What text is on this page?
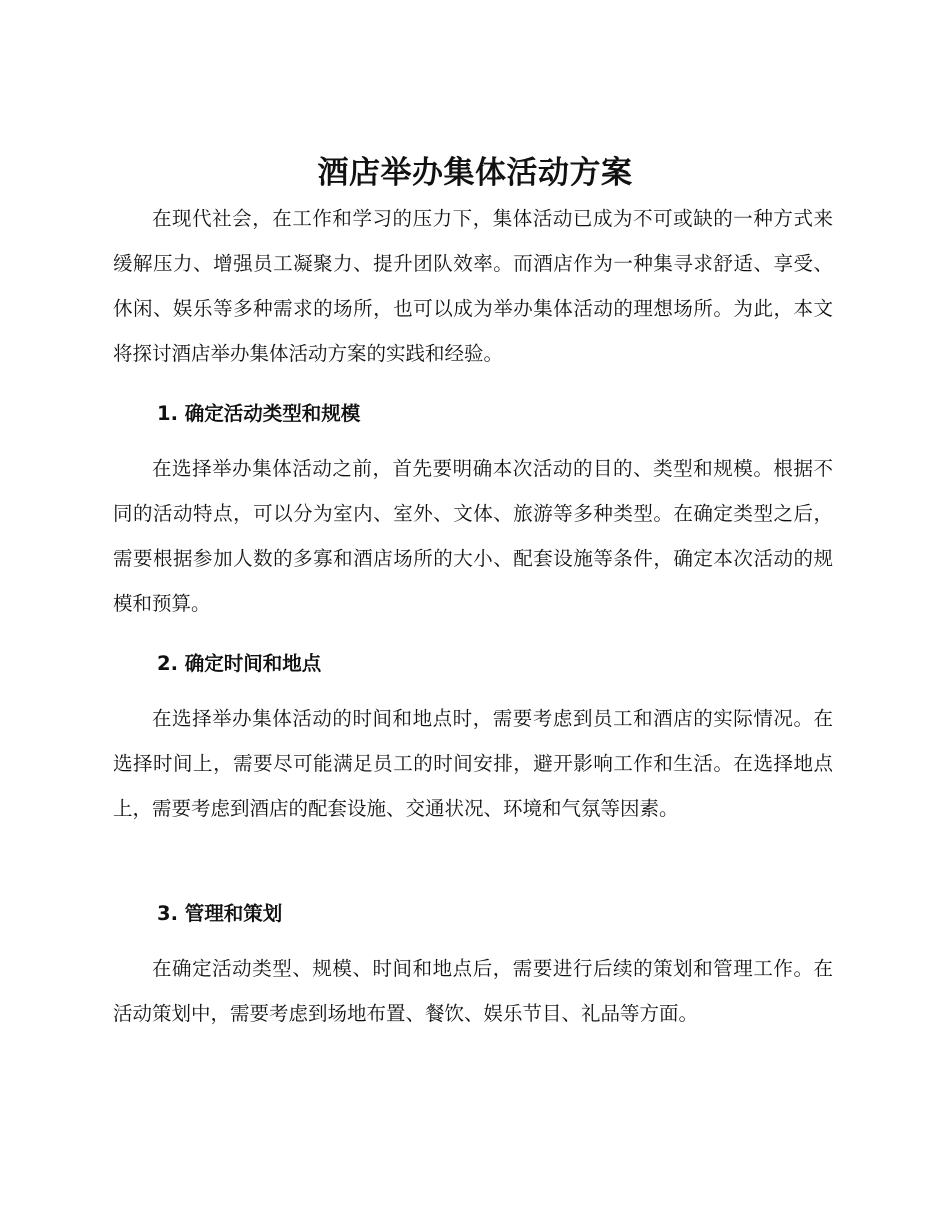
酒店举办集体活动方案

在现代社会，在工作和学习的压力下，集体活动已成为不可或缺的一种方式来缓解压力、增强员工凝聚力、提升团队效率。而酒店作为一种集寻求舒适、享受、休闲、娱乐等多种需求的场所，也可以成为举办集体活动的理想场所。为此，本文将探讨酒店举办集体活动方案的实践和经验。

1. 确定活动类型和规模

在选择举办集体活动之前，首先要明确本次活动的目的、类型和规模。根据不同的活动特点，可以分为室内、室外、文体、旅游等多种类型。在确定类型之后，需要根据参加人数的多寡和酒店场所的大小、配套设施等条件，确定本次活动的规模和预算。

2. 确定时间和地点

在选择举办集体活动的时间和地点时，需要考虑到员工和酒店的实际情况。在选择时间上，需要尽可能满足员工的时间安排，避开影响工作和生活。在选择地点上，需要考虑到酒店的配套设施、交通状况、环境和气氛等因素。

3. 管理和策划

在确定活动类型、规模、时间和地点后，需要进行后续的策划和管理工作。在活动策划中，需要考虑到场地布置、餐饮、娱乐节目、礼品等方面。
